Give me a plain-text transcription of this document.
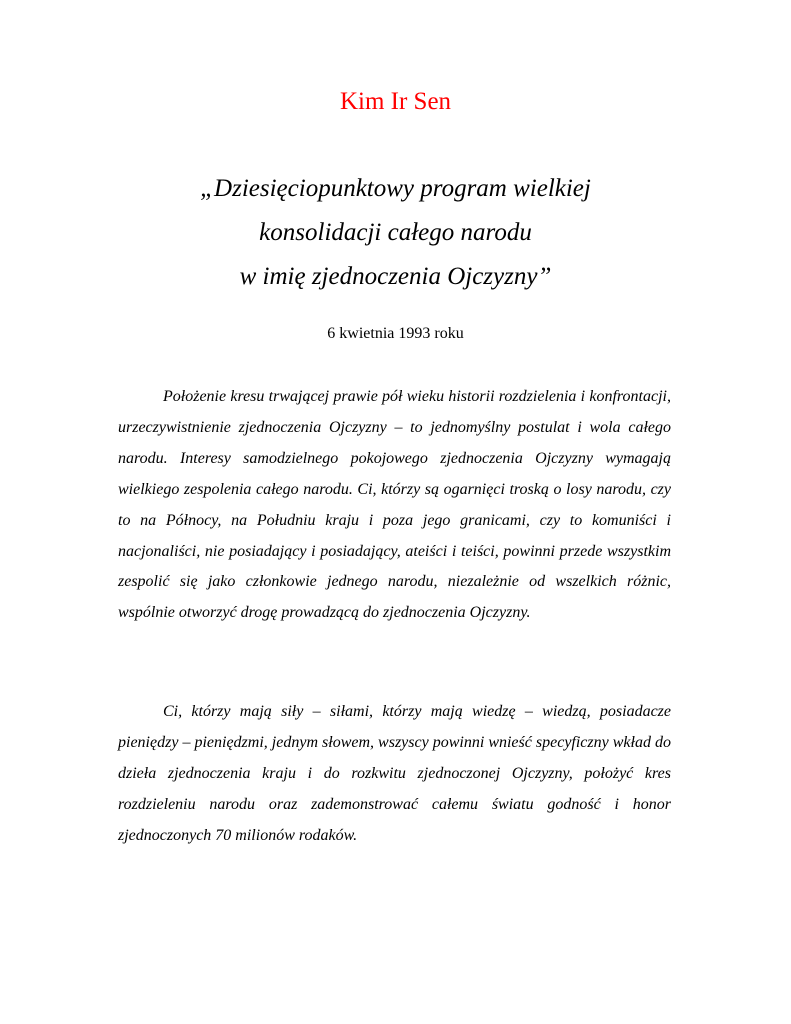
Kim Ir Sen
„Dziesięciopunktowy program wielkiej
konsolidacji całego narodu
w imię zjednoczenia Ojczyzny”

6 kwietnia 1993 roku

Położenie kresu trwającej prawie pół wieku historii rozdzielenia i konfrontacji, urzeczywistnienie zjednoczenia Ojczyzny – to jednomyślny postulat i wola całego narodu. Interesy samodzielnego pokojowego zjednoczenia Ojczyzny wymagają wielkiego zespolenia całego narodu. Ci, którzy są ogarnięci troską o losy narodu, czy to na Północy, na Południu kraju i poza jego granicami, czy to komuniści i nacjonaliści, nie posiadający i posiadający, ateiści i teiści, powinni przede wszystkim zespolić się jako członkowie jednego narodu, niezależnie od wszelkich różnic, wspólnie otworzyć drogę prowadzącą do zjednoczenia Ojczyzny.

Ci, którzy mają siły – siłami, którzy mają wiedzę – wiedzą, posiadacze pieniędzy – pieniędzmi, jednym słowem, wszyscy powinni wnieść specyficzny wkład do dzieła zjednoczenia kraju i do rozkwitu zjednoczonej Ojczyzny, położyć kres rozdzieleniu narodu oraz zademonstrować całemu światu godność i honor zjednoczonych 70 milionów rodaków.
